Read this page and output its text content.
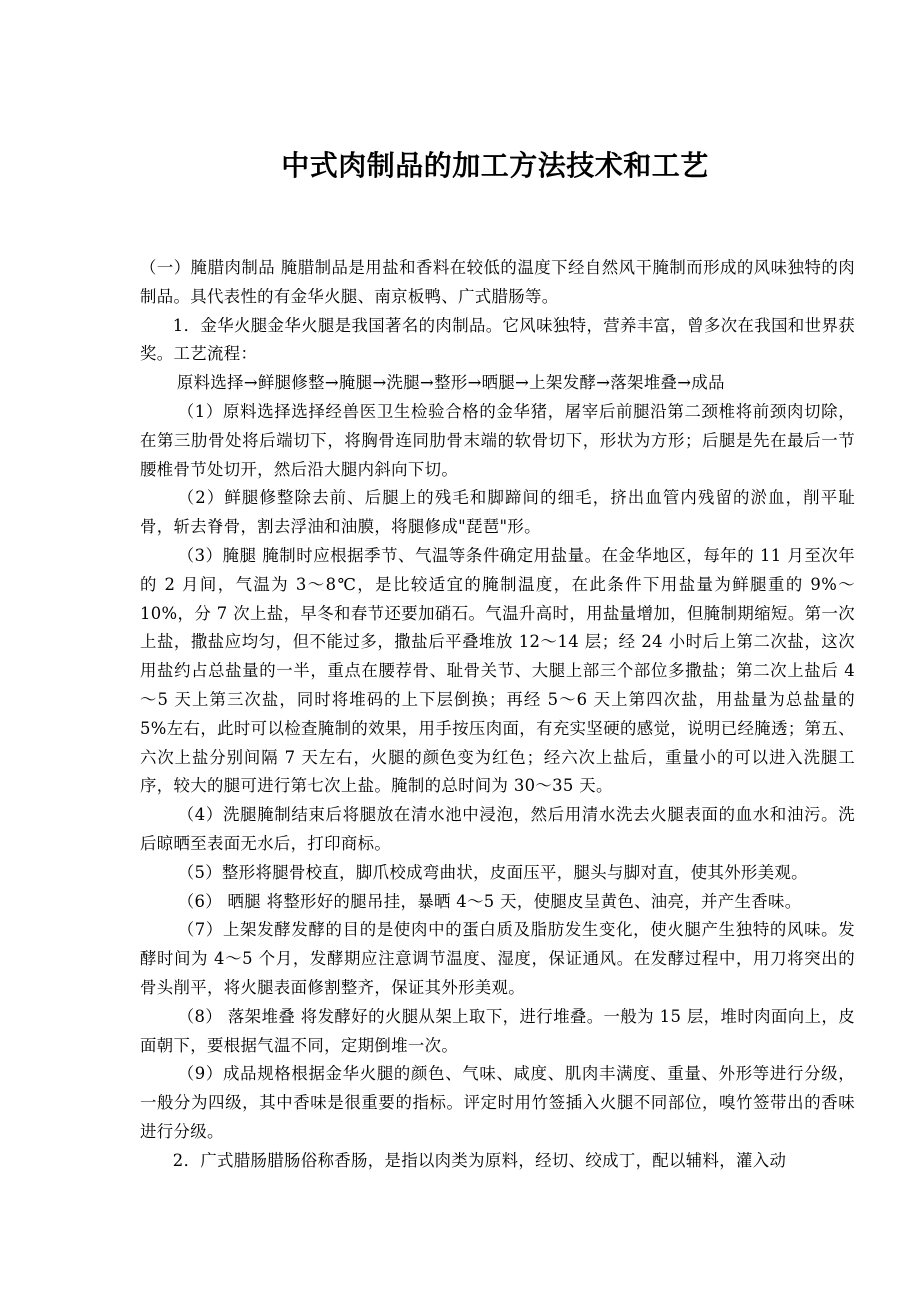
中式肉制品的加工方法技术和工艺

（一）腌腊肉制品 腌腊制品是用盐和香料在较低的温度下经自然风干腌制而形成的风味独特的肉制品。具代表性的有金华火腿、南京板鸭、广式腊肠等。

1．金华火腿金华火腿是我国著名的肉制品。它风味独特，营养丰富，曾多次在我国和世界获奖。工艺流程：

原料选择→鲜腿修整→腌腿→洗腿→整形→晒腿→上架发酵→落架堆叠→成品

（1）原料选择选择经兽医卫生检验合格的金华猪，屠宰后前腿沿第二颈椎将前颈肉切除，在第三肋骨处将后端切下，将胸骨连同肋骨末端的软骨切下，形状为方形；后腿是先在最后一节腰椎骨节处切开，然后沿大腿内斜向下切。

（2）鲜腿修整除去前、后腿上的残毛和脚蹄间的细毛，挤出血管内残留的淤血，削平耻骨，斩去脊骨，割去浮油和油膜，将腿修成"琵琶"形。

（3）腌腿 腌制时应根据季节、气温等条件确定用盐量。在金华地区，每年的 11 月至次年的 2 月间，气温为 3～8℃，是比较适宜的腌制温度，在此条件下用盐量为鲜腿重的 9%～10%，分 7 次上盐，早冬和春节还要加硝石。气温升高时，用盐量增加，但腌制期缩短。第一次上盐，撒盐应均匀，但不能过多，撒盐后平叠堆放 12～14 层；经 24 小时后上第二次盐，这次用盐约占总盐量的一半，重点在腰荐骨、耻骨关节、大腿上部三个部位多撒盐；第二次上盐后 4～5 天上第三次盐，同时将堆码的上下层倒换；再经 5～6 天上第四次盐，用盐量为总盐量的 5%左右，此时可以检查腌制的效果，用手按压肉面，有充实坚硬的感觉，说明已经腌透；第五、六次上盐分别间隔 7 天左右，火腿的颜色变为红色；经六次上盐后，重量小的可以进入洗腿工序，较大的腿可进行第七次上盐。腌制的总时间为 30～35 天。

（4）洗腿腌制结束后将腿放在清水池中浸泡，然后用清水洗去火腿表面的血水和油污。洗后晾晒至表面无水后，打印商标。

（5）整形将腿骨校直，脚爪校成弯曲状，皮面压平，腿头与脚对直，使其外形美观。

（6） 晒腿 将整形好的腿吊挂，暴晒 4～5 天，使腿皮呈黄色、油亮，并产生香味。

（7）上架发酵发酵的目的是使肉中的蛋白质及脂肪发生变化，使火腿产生独特的风味。发酵时间为 4～5 个月，发酵期应注意调节温度、湿度，保证通风。在发酵过程中，用刀将突出的骨头削平，将火腿表面修割整齐，保证其外形美观。

（8） 落架堆叠 将发酵好的火腿从架上取下，进行堆叠。一般为 15 层，堆时肉面向上，皮面朝下，要根据气温不同，定期倒堆一次。

（9）成品规格根据金华火腿的颜色、气味、咸度、肌肉丰满度、重量、外形等进行分级，一般分为四级，其中香味是很重要的指标。评定时用竹签插入火腿不同部位，嗅竹签带出的香味进行分级。

2．广式腊肠腊肠俗称香肠，是指以肉类为原料，经切、绞成丁，配以辅料，灌入动
